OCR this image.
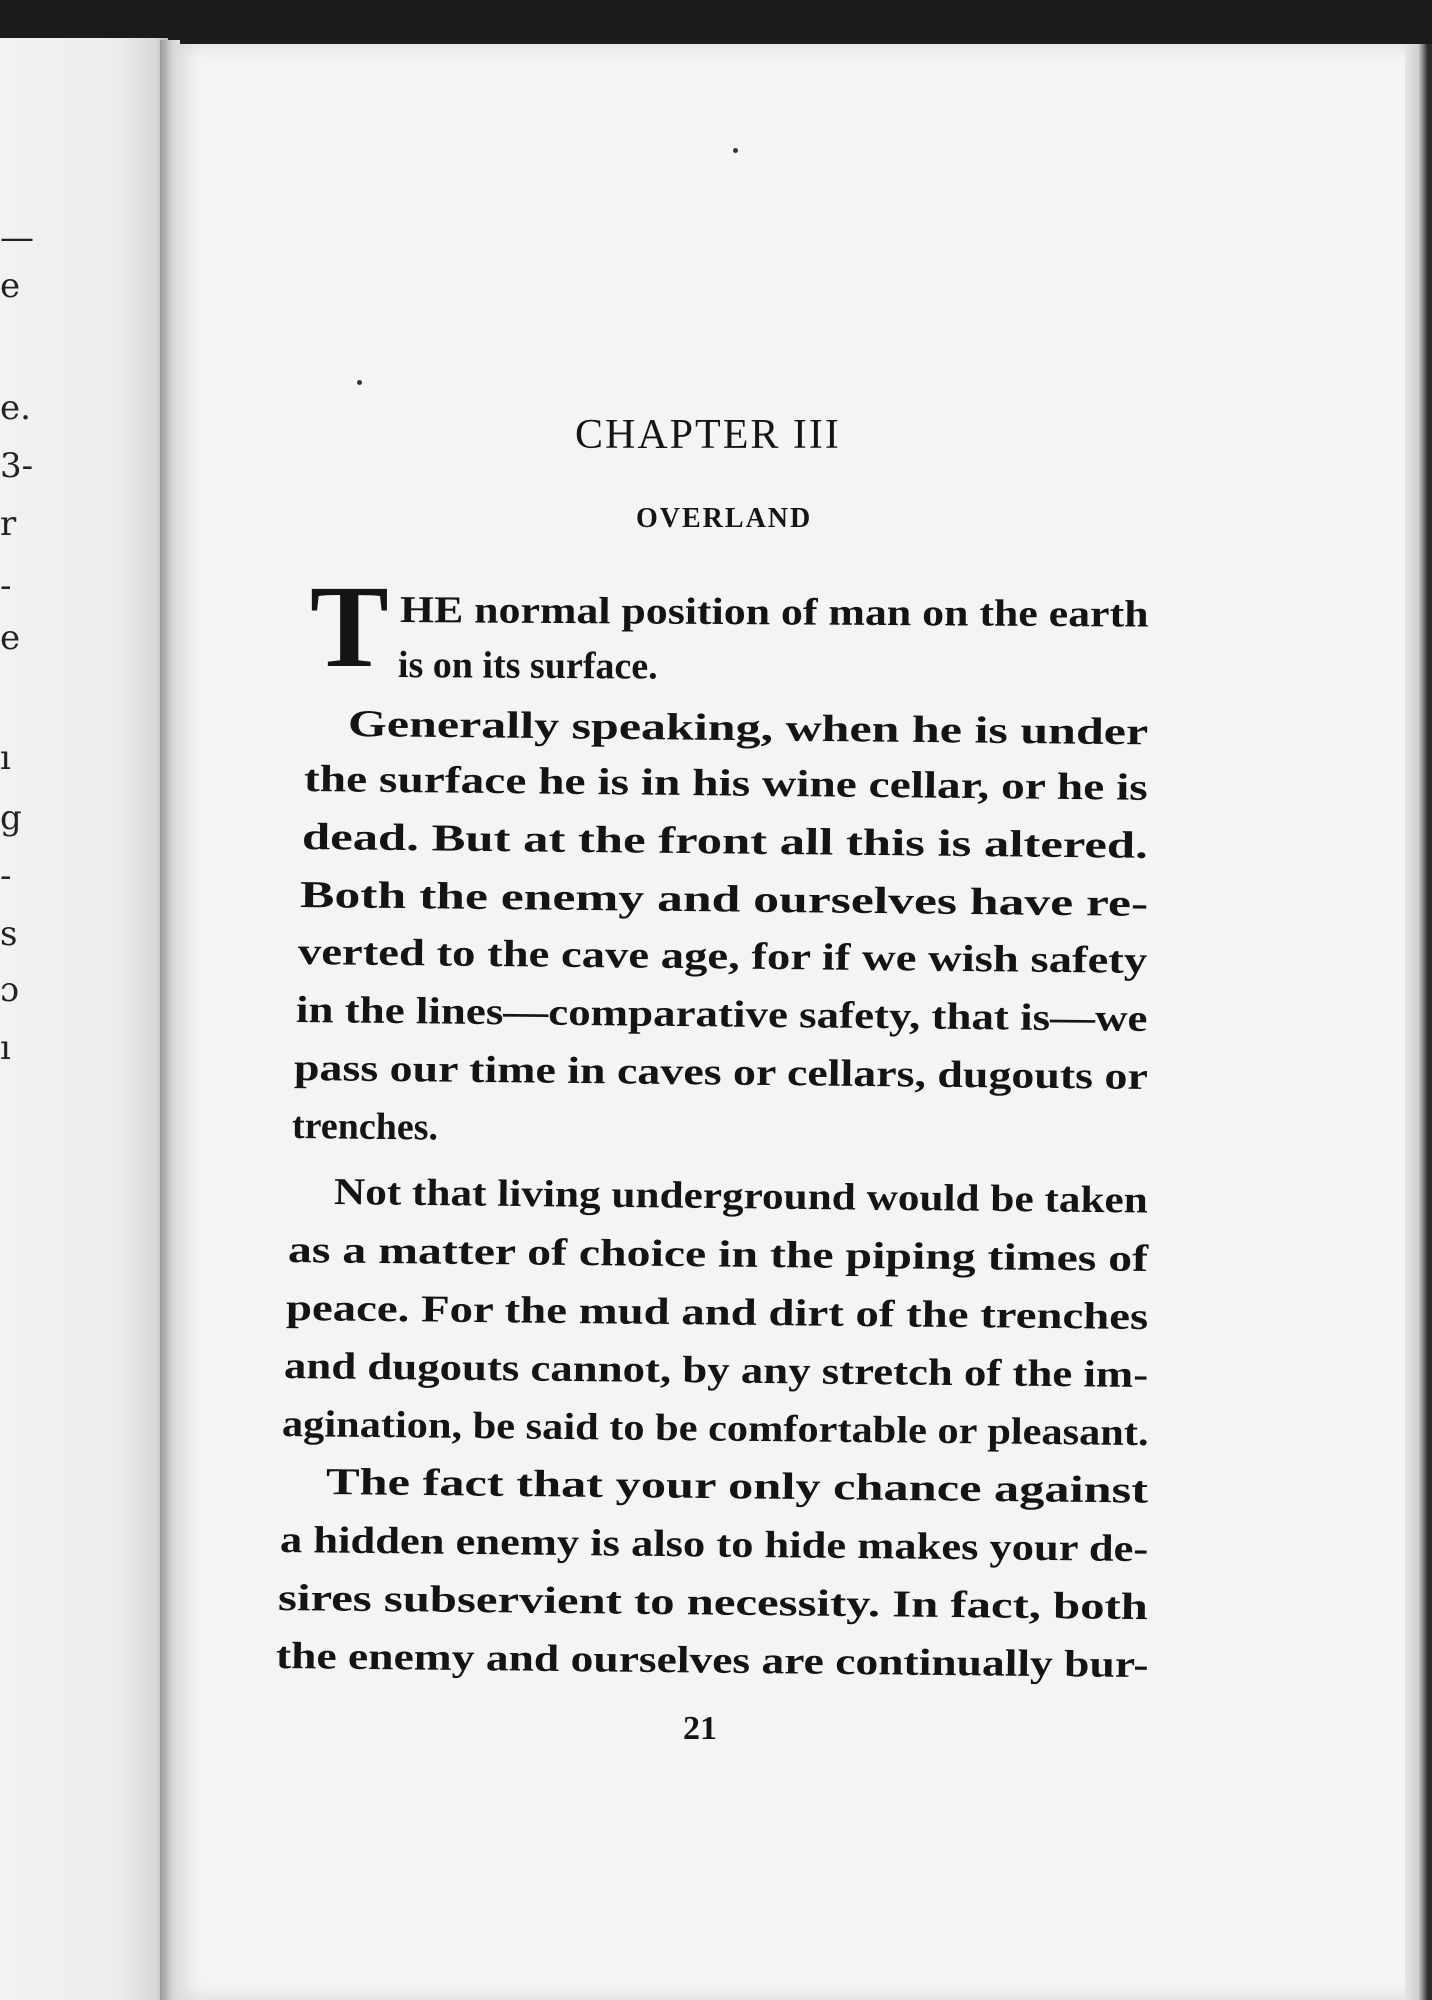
—
e
e.
3-
r
-
e
ı
g
-
s
ɔ
ı
CHAPTER III
OVERLAND
T HE normal position of man on the earth
is on its surface.
Generally speaking, when he is under
the surface he is in his wine cellar, or he is
dead. But at the front all this is altered.
Both the enemy and ourselves have re-
verted to the cave age, for if we wish safety
in the lines—comparative safety, that is—we
pass our time in caves or cellars, dugouts or
trenches.
Not that living underground would be taken
as a matter of choice in the piping times of
peace. For the mud and dirt of the trenches
and dugouts cannot, by any stretch of the im-
agination, be said to be comfortable or pleasant.
The fact that your only chance against
a hidden enemy is also to hide makes your de-
sires subservient to necessity. In fact, both
the enemy and ourselves are continually bur-
21
